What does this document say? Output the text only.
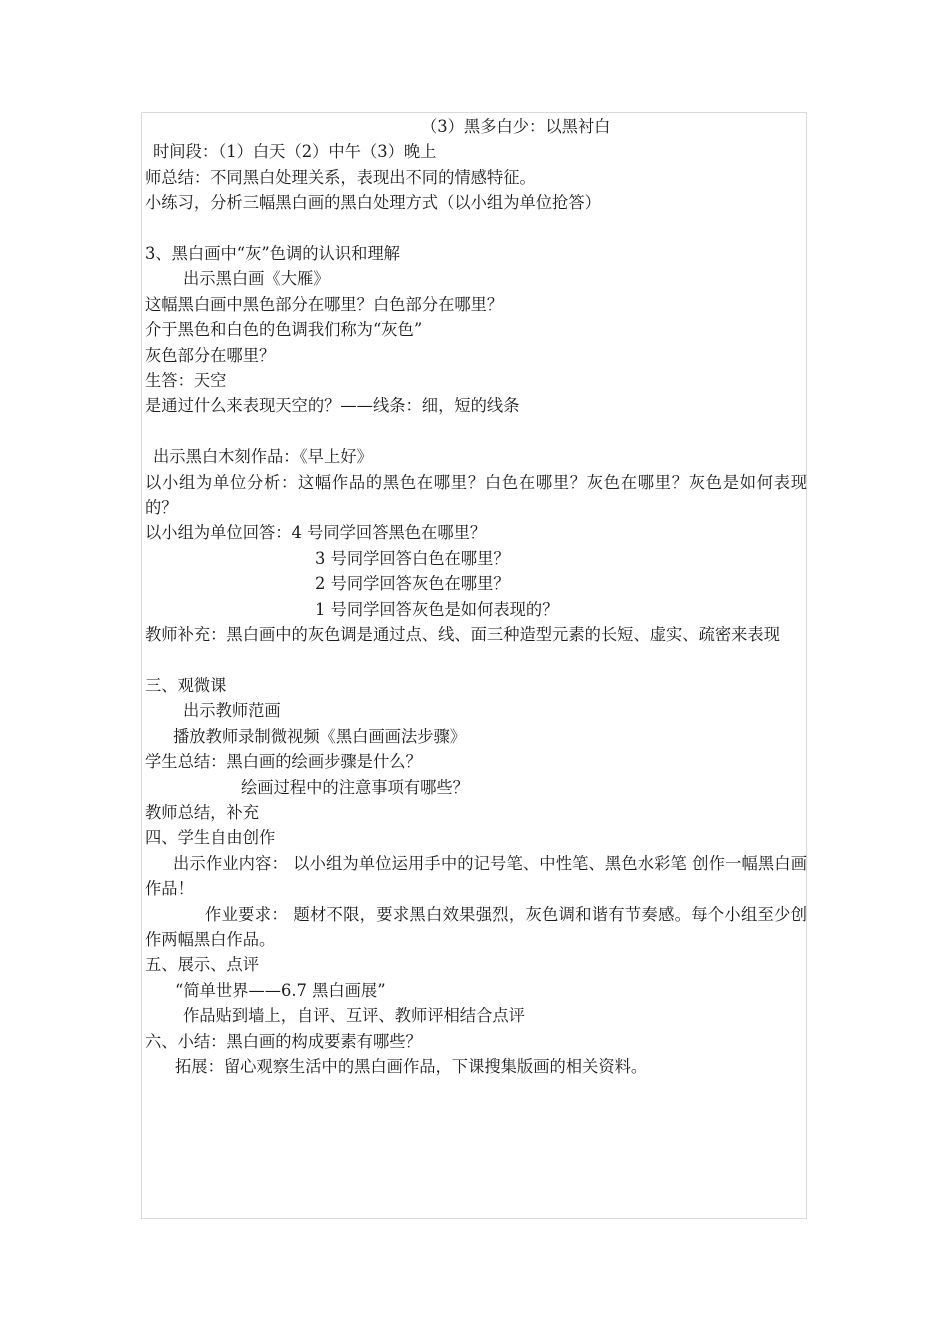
（3）黑多白少：以黑衬白
时间段：（1）白天（2）中午（3）晚上
师总结：不同黑白处理关系，表现出不同的情感特征。
小练习，分析三幅黑白画的黑白处理方式（以小组为单位抢答）
3、黑白画中“灰”色调的认识和理解
出示黑白画《大雁》
这幅黑白画中黑色部分在哪里？白色部分在哪里？
介于黑色和白色的色调我们称为“灰色”
灰色部分在哪里？
生答：天空
是通过什么来表现天空的？——线条：细，短的线条
出示黑白木刻作品：《早上好》
以小组为单位分析：这幅作品的黑色在哪里？白色在哪里？灰色在哪里？灰色是如何表现的？
以小组为单位回答：4 号同学回答黑色在哪里？
3 号同学回答白色在哪里？
2 号同学回答灰色在哪里？
1 号同学回答灰色是如何表现的？
教师补充：黑白画中的灰色调是通过点、线、面三种造型元素的长短、虚实、疏密来表现
三、观微课
出示教师范画
播放教师录制微视频《黑白画画法步骤》
学生总结：黑白画的绘画步骤是什么？
绘画过程中的注意事项有哪些？
教师总结，补充
四、学生自由创作
出示作业内容： 以小组为单位运用手中的记号笔、中性笔、黑色水彩笔 创作一幅黑白画作品！
作业要求： 题材不限，要求黑白效果强烈，灰色调和谐有节奏感。每个小组至少创作两幅黑白作品。
五、展示、点评
“简单世界——6.7 黑白画展”
作品贴到墙上，自评、互评、教师评相结合点评
六、小结：黑白画的构成要素有哪些？
拓展：留心观察生活中的黑白画作品，下课搜集版画的相关资料。
